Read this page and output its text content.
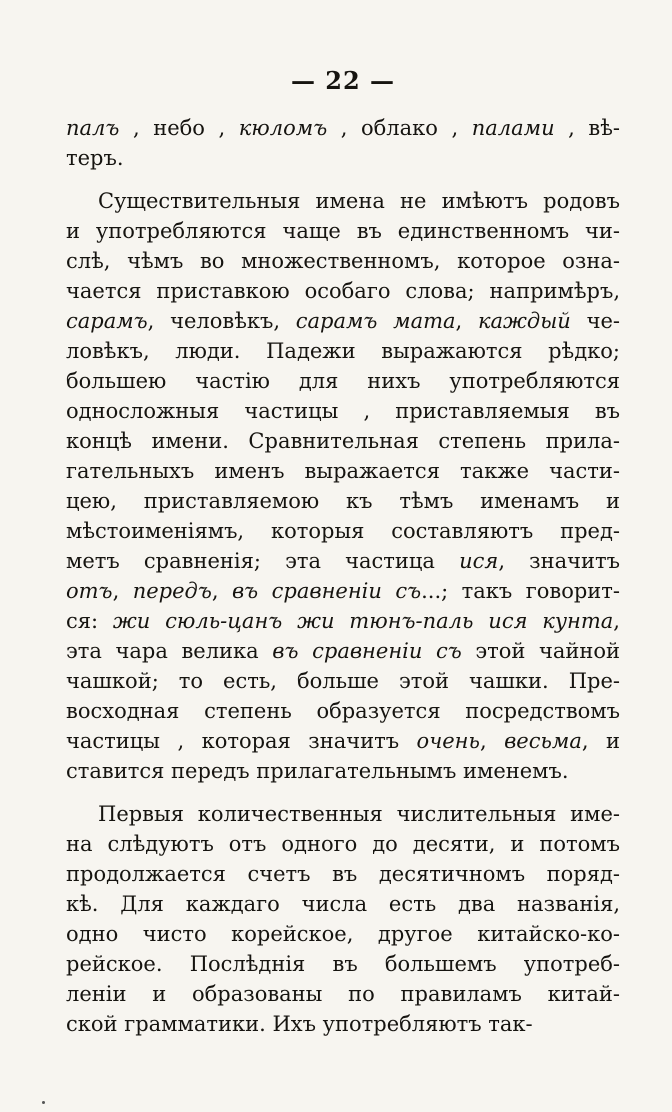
— 22 —
палъ , небо , кюломъ , облако , палами , вѣ-
теръ.
Существительныя имена не имѣютъ родовъ
и употребляются чаще въ единственномъ чи-
слѣ, чѣмъ во множественномъ, которое озна-
чается приставкою особаго слова; напримѣръ,
сарамъ, человѣкъ, сарамъ мата, каждый че-
ловѣкъ, люди. Падежи выражаются рѣдко;
большею частію для нихъ употребляются
односложныя частицы , приставляемыя въ
концѣ имени. Сравнительная степень прила-
гательныхъ именъ выражается также части-
цею, приставляемою къ тѣмъ именамъ и
мѣстоименіямъ, которыя составляютъ пред-
метъ сравненія; эта частица ися, значитъ
отъ, передъ, въ сравненіи съ...; такъ говорит-
ся: жи сюль-цанъ жи тюнъ-паль ися кунта,
эта чара велика въ сравненіи съ этой чайной
чашкой; то есть, больше этой чашки. Пре-
восходная степень образуется посредствомъ
частицы , которая значитъ очень, весьма, и
ставится передъ прилагательнымъ именемъ.
Первыя количественныя числительныя име-
на слѣдуютъ отъ одного до десяти, и потомъ
продолжается счетъ въ десятичномъ поряд-
кѣ. Для каждаго числа есть два названія,
одно чисто корейское, другое китайско-ко-
рейское. Послѣднія въ большемъ употреб-
леніи и образованы по правиламъ китай-
ской грамматики. Ихъ употребляютъ так-
